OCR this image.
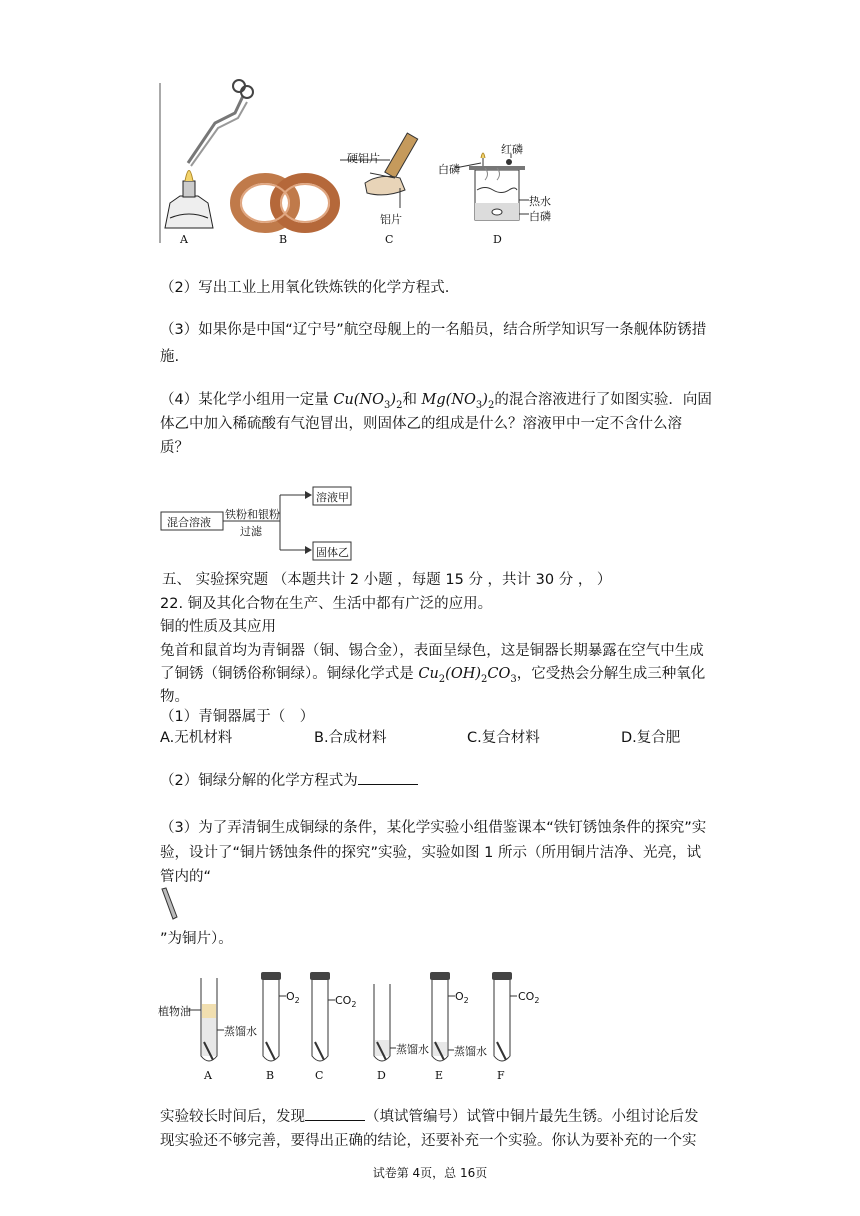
A	B	C	D
硬铝片
铝片
红磷
白磷
热水
白磷
（2）写出工业上用氧化铁炼铁的化学方程式.
（3）如果你是中国“辽宁号”航空母舰上的一名船员，结合所学知识写一条舰体防锈措
施.
（4）某化学小组用一定量 $Cu(NO_3)_2$和 $Mg(NO_3)_2$的混合溶液进行了如图实验．向固
体乙中加入稀硫酸有气泡冒出，则固体乙的组成是什么？溶液甲中一定不含什么溶
质？
混合溶液
铁粉和银粉
过滤
溶液甲
固体乙
五、 实验探究题 （本题共计 2 小题 ，每题 15 分 ，共计 30 分 ， ）
22. 铜及其化合物在生产、生活中都有广泛的应用。
铜的性质及其应用
兔首和鼠首均为青铜器（铜、锡合金），表面呈绿色，这是铜器长期暴露在空气中生成
了铜锈（铜锈俗称铜绿）。铜绿化学式是 $Cu_2(OH)_2CO_3$，它受热会分解生成三种氧化
物。
（1）青铜器属于（　）
A.无机材料	B.合成材料	C.复合材料	D.复合肥
（2）铜绿分解的化学方程式为
（3）为了弄清铜生成铜绿的条件，某化学实验小组借鉴课本“铁钉锈蚀条件的探究”实
验，设计了“铜片锈蚀条件的探究”实验，实验如图 1 所示（所用铜片洁净、光亮，试
管内的“
”为铜片）。
植物油
蒸馏水
$O_2$	$CO_2$
蒸馏水
$O_2$
蒸馏水
$CO_2$
A	B	C	D	E	F
实验较长时间后，发现	（填试管编号）试管中铜片最先生锈。小组讨论后发
现实验还不够完善，要得出正确的结论，还要补充一个实验。你认为要补充的一个实
试卷第 4页，总 16页
